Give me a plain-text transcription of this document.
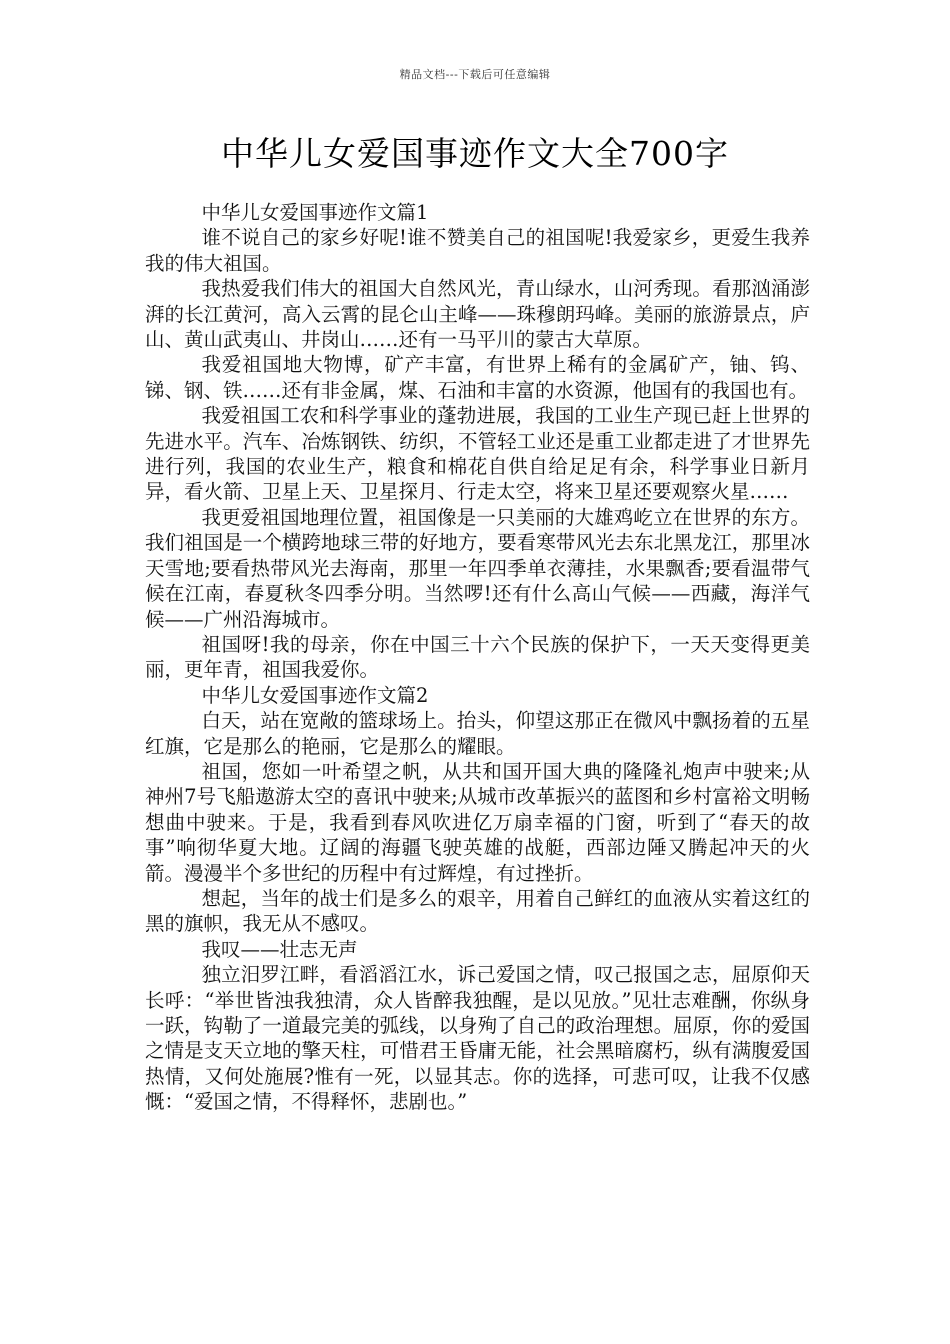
精品文档---下载后可任意编辑
中华儿女爱国事迹作文大全700字

中华儿女爱国事迹作文篇1

谁不说自己的家乡好呢!谁不赞美自己的祖国呢!我爱家乡，更爱生我养我的伟大祖国。

我热爱我们伟大的祖国大自然风光，青山绿水，山河秀现。看那汹涌澎湃的长江黄河，高入云霄的昆仑山主峰——珠穆朗玛峰。美丽的旅游景点，庐山、黄山武夷山、井岗山……还有一马平川的蒙古大草原。

我爱祖国地大物博，矿产丰富，有世界上稀有的金属矿产，铀、钨、锑、钢、铁……还有非金属，煤、石油和丰富的水资源，他国有的我国也有。

我爱祖国工农和科学事业的蓬勃进展，我国的工业生产现已赶上世界的先进水平。汽车、冶炼钢铁、纺织，不管轻工业还是重工业都走进了才世界先进行列，我国的农业生产，粮食和棉花自供自给足足有余，科学事业日新月异，看火箭、卫星上天、卫星探月、行走太空，将来卫星还要观察火星……

我更爱祖国地理位置，祖国像是一只美丽的大雄鸡屹立在世界的东方。我们祖国是一个横跨地球三带的好地方，要看寒带风光去东北黑龙江，那里冰天雪地;要看热带风光去海南，那里一年四季单衣薄挂，水果飘香;要看温带气候在江南，春夏秋冬四季分明。当然啰!还有什么高山气候——西藏，海洋气候——广州沿海城市。

祖国呀!我的母亲，你在中国三十六个民族的保护下，一天天变得更美丽，更年青，祖国我爱你。

中华儿女爱国事迹作文篇2

白天，站在宽敞的篮球场上。抬头，仰望这那正在微风中飘扬着的五星红旗，它是那么的艳丽，它是那么的耀眼。

祖国，您如一叶希望之帆，从共和国开国大典的隆隆礼炮声中驶来;从神州7号飞船遨游太空的喜讯中驶来;从城市改革振兴的蓝图和乡村富裕文明畅想曲中驶来。于是，我看到春风吹进亿万扇幸福的门窗，听到了“春天的故事”响彻华夏大地。辽阔的海疆飞驶英雄的战艇，西部边陲又腾起冲天的火箭。漫漫半个多世纪的历程中有过辉煌，有过挫折。

想起，当年的战士们是多么的艰辛，用着自己鲜红的血液从实着这红的黑的旗帜，我无从不感叹。

我叹——壮志无声

独立汨罗江畔，看滔滔江水，诉己爱国之情，叹己报国之志，屈原仰天长呼：“举世皆浊我独清，众人皆醉我独醒，是以见放。”见壮志难酬，你纵身一跃，钩勒了一道最完美的弧线，以身殉了自己的政治理想。屈原，你的爱国之情是支天立地的擎天柱，可惜君王昏庸无能，社会黑暗腐朽，纵有满腹爱国热情，又何处施展?惟有一死，以显其志。你的选择，可悲可叹，让我不仅感慨：“爱国之情，不得释怀，悲剧也。”
